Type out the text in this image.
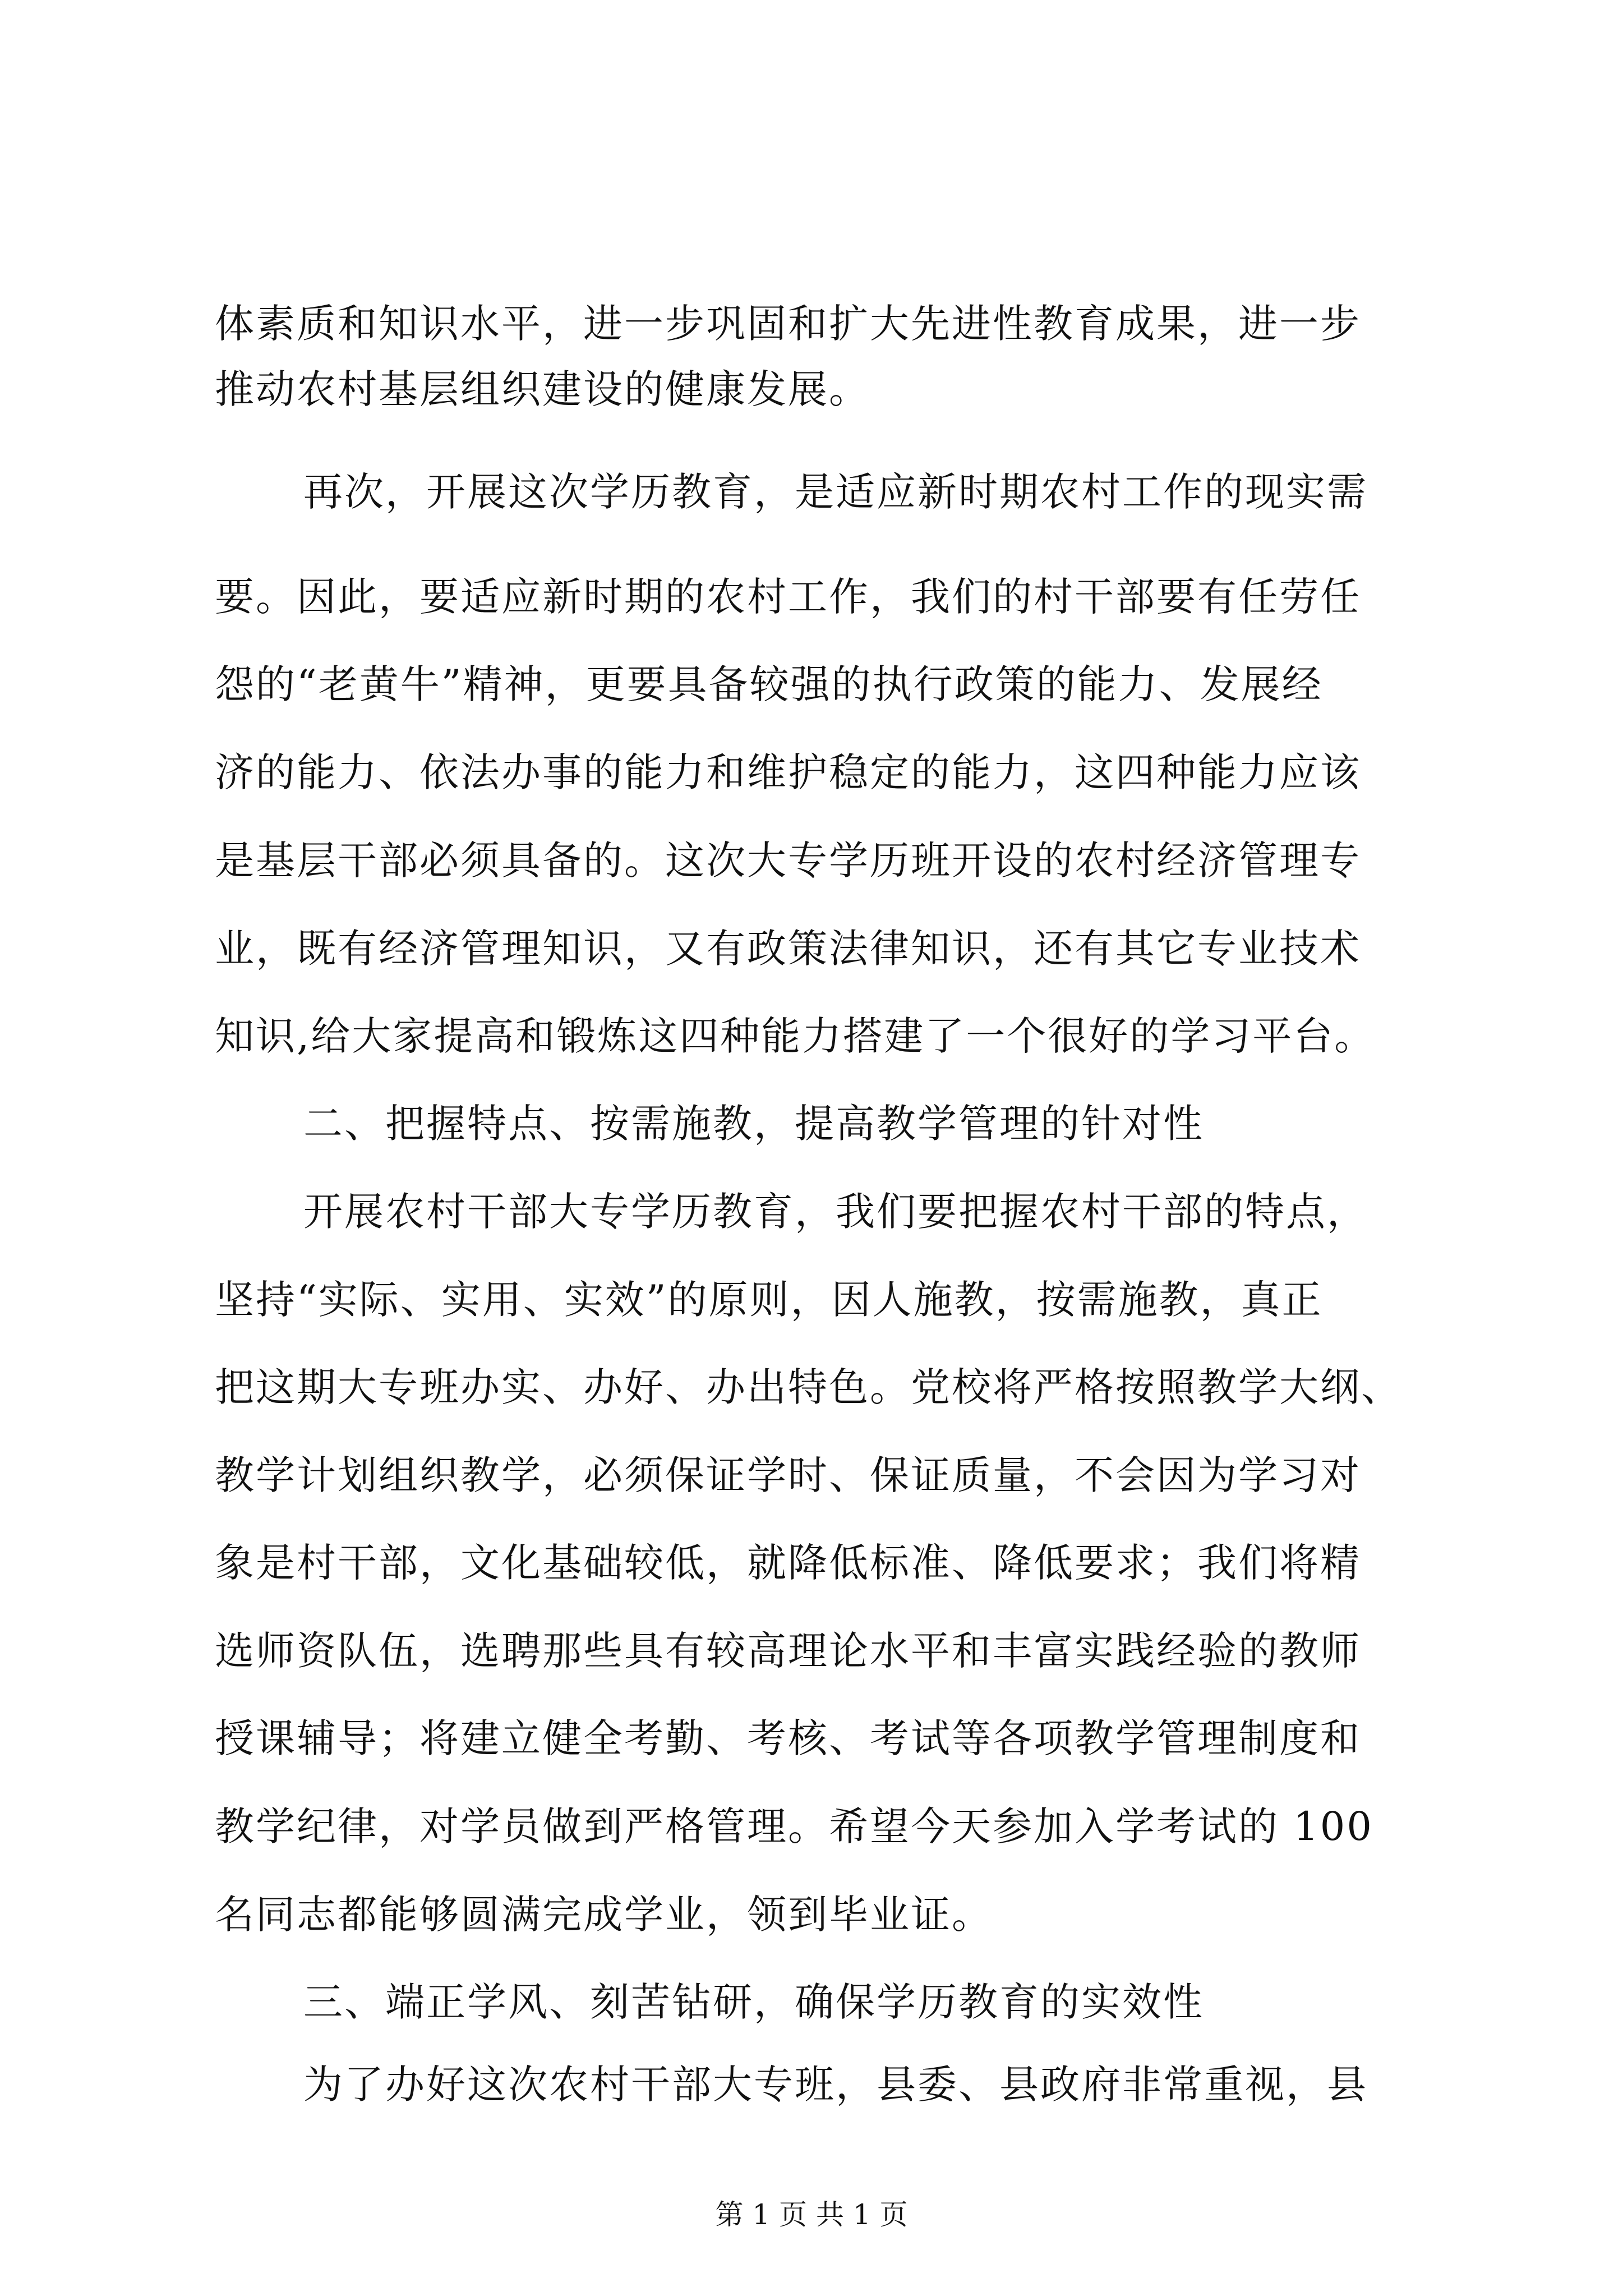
体素质和知识水平，进一步巩固和扩大先进性教育成果，进一步
推动农村基层组织建设的健康发展。
再次，开展这次学历教育，是适应新时期农村工作的现实需
要。因此，要适应新时期的农村工作，我们的村干部要有任劳任
怨的“老黄牛”精神，更要具备较强的执行政策的能力、发展经
济的能力、依法办事的能力和维护稳定的能力，这四种能力应该
是基层干部必须具备的。这次大专学历班开设的农村经济管理专
业，既有经济管理知识，又有政策法律知识，还有其它专业技术
知识,给大家提高和锻炼这四种能力搭建了一个很好的学习平台。
二、把握特点、按需施教，提高教学管理的针对性
开展农村干部大专学历教育，我们要把握农村干部的特点，
坚持“实际、实用、实效”的原则，因人施教，按需施教，真正
把这期大专班办实、办好、办出特色。党校将严格按照教学大纲、
教学计划组织教学，必须保证学时、保证质量，不会因为学习对
象是村干部，文化基础较低，就降低标准、降低要求；我们将精
选师资队伍，选聘那些具有较高理论水平和丰富实践经验的教师
授课辅导；将建立健全考勤、考核、考试等各项教学管理制度和
教学纪律，对学员做到严格管理。希望今天参加入学考试的 100
名同志都能够圆满完成学业，领到毕业证。
三、端正学风、刻苦钻研，确保学历教育的实效性
为了办好这次农村干部大专班，县委、县政府非常重视，县
第 1 页 共 1 页
